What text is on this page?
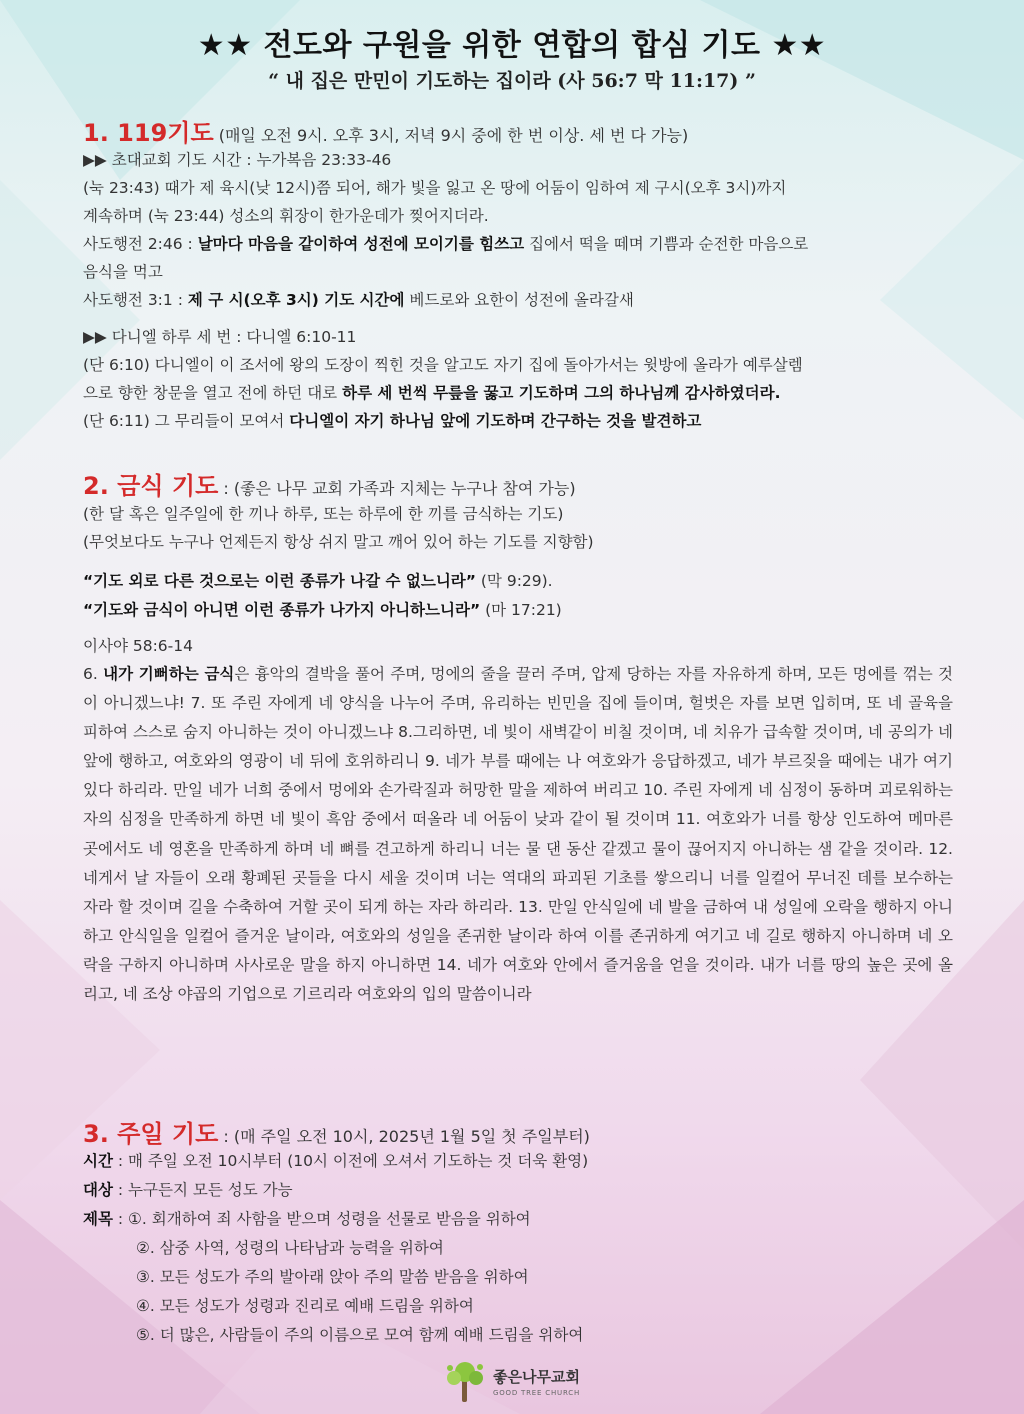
★★ 전도와 구원을 위한 연합의 합심 기도 ★★
“ 내 집은 만민이 기도하는 집이라 (사 56:7 막 11:17) ”
1. 119기도 (매일 오전 9시. 오후 3시, 저녁 9시 중에 한 번 이상. 세 번 다 가능)
▶▶ 초대교회 기도 시간 : 누가복음 23:33-46
(눅 23:43) 때가 제 육시(낮 12시)쯤 되어, 해가 빛을 잃고 온 땅에 어둠이 임하여 제 구시(오후 3시)까지
계속하며 (눅 23:44) 성소의 휘장이 한가운데가 찢어지더라.
사도행전 2:46 : 날마다 마음을 같이하여 성전에 모이기를 힘쓰고 집에서 떡을 떼며 기쁨과 순전한 마음으로
음식을 먹고
사도행전 3:1 : 제 구 시(오후 3시) 기도 시간에 베드로와 요한이 성전에 올라갈새
▶▶ 다니엘 하루 세 번 : 다니엘 6:10-11
(단 6:10) 다니엘이 이 조서에 왕의 도장이 찍힌 것을 알고도 자기 집에 돌아가서는 윗방에 올라가 예루살렘
으로 향한 창문을 열고 전에 하던 대로 하루 세 번씩 무릎을 꿇고 기도하며 그의 하나님께 감사하였더라.
(단 6:11) 그 무리들이 모여서 다니엘이 자기 하나님 앞에 기도하며 간구하는 것을 발견하고
2. 금식 기도 : (좋은 나무 교회 가족과 지체는 누구나 참여 가능)
(한 달 혹은 일주일에 한 끼나 하루, 또는 하루에 한 끼를 금식하는 기도)
(무엇보다도 누구나 언제든지 항상 쉬지 말고 깨어 있어 하는 기도를 지향함)
“기도 외로 다른 것으로는 이런 종류가 나갈 수 없느니라” (막 9:29).
“기도와 금식이 아니면 이런 종류가 나가지 아니하느니라” (마 17:21)
이사야 58:6-14
6. 내가 기뻐하는 금식은 흉악의 결박을 풀어 주며, 멍에의 줄을 끌러 주며, 압제 당하는 자를 자유하게 하며, 모든 멍에를 꺾는 것이 아니겠느냐! 7. 또 주린 자에게 네 양식을 나누어 주며, 유리하는 빈민을 집에 들이며, 헐벗은 자를 보면 입히며, 또 네 골육을 피하여 스스로 숨지 아니하는 것이 아니겠느냐 8.그리하면, 네 빛이 새벽같이 비칠 것이며, 네 치유가 급속할 것이며, 네 공의가 네 앞에 행하고, 여호와의 영광이 네 뒤에 호위하리니 9. 네가 부를 때에는 나 여호와가 응답하겠고, 네가 부르짖을 때에는 내가 여기 있다 하리라. 만일 네가 너희 중에서 멍에와 손가락질과 허망한 말을 제하여 버리고 10. 주린 자에게 네 심정이 동하며 괴로워하는 자의 심정을 만족하게 하면 네 빛이 흑암 중에서 떠올라 네 어둠이 낮과 같이 될 것이며 11. 여호와가 너를 항상 인도하여 메마른 곳에서도 네 영혼을 만족하게 하며 네 뼈를 견고하게 하리니 너는 물 댄 동산 같겠고 물이 끊어지지 아니하는 샘 같을 것이라. 12. 네게서 날 자들이 오래 황폐된 곳들을 다시 세울 것이며 너는 역대의 파괴된 기초를 쌓으리니 너를 일컬어 무너진 데를 보수하는 자라 할 것이며 길을 수축하여 거할 곳이 되게 하는 자라 하리라. 13. 만일 안식일에 네 발을 금하여 내 성일에 오락을 행하지 아니하고 안식일을 일컬어 즐거운 날이라, 여호와의 성일을 존귀한 날이라 하여 이를 존귀하게 여기고 네 길로 행하지 아니하며 네 오락을 구하지 아니하며 사사로운 말을 하지 아니하면 14. 네가 여호와 안에서 즐거움을 얻을 것이라. 내가 너를 땅의 높은 곳에 올리고, 네 조상 야곱의 기업으로 기르리라 여호와의 입의 말씀이니라
3. 주일 기도 : (매 주일 오전 10시, 2025년 1월 5일 첫 주일부터)
시간 : 매 주일 오전 10시부터 (10시 이전에 오셔서 기도하는 것 더욱 환영)
대상 : 누구든지 모든 성도 가능
제목 : ①. 회개하여 죄 사함을 받으며 성령을 선물로 받음을 위하여
②. 삼중 사역, 성령의 나타남과 능력을 위하여
③. 모든 성도가 주의 발아래 앉아 주의 말씀 받음을 위하여
④. 모든 성도가 성령과 진리로 예배 드림을 위하여
⑤. 더 많은, 사람들이 주의 이름으로 모여 함께 예배 드림을 위하여
좋은나무교회
GOOD TREE CHURCH
